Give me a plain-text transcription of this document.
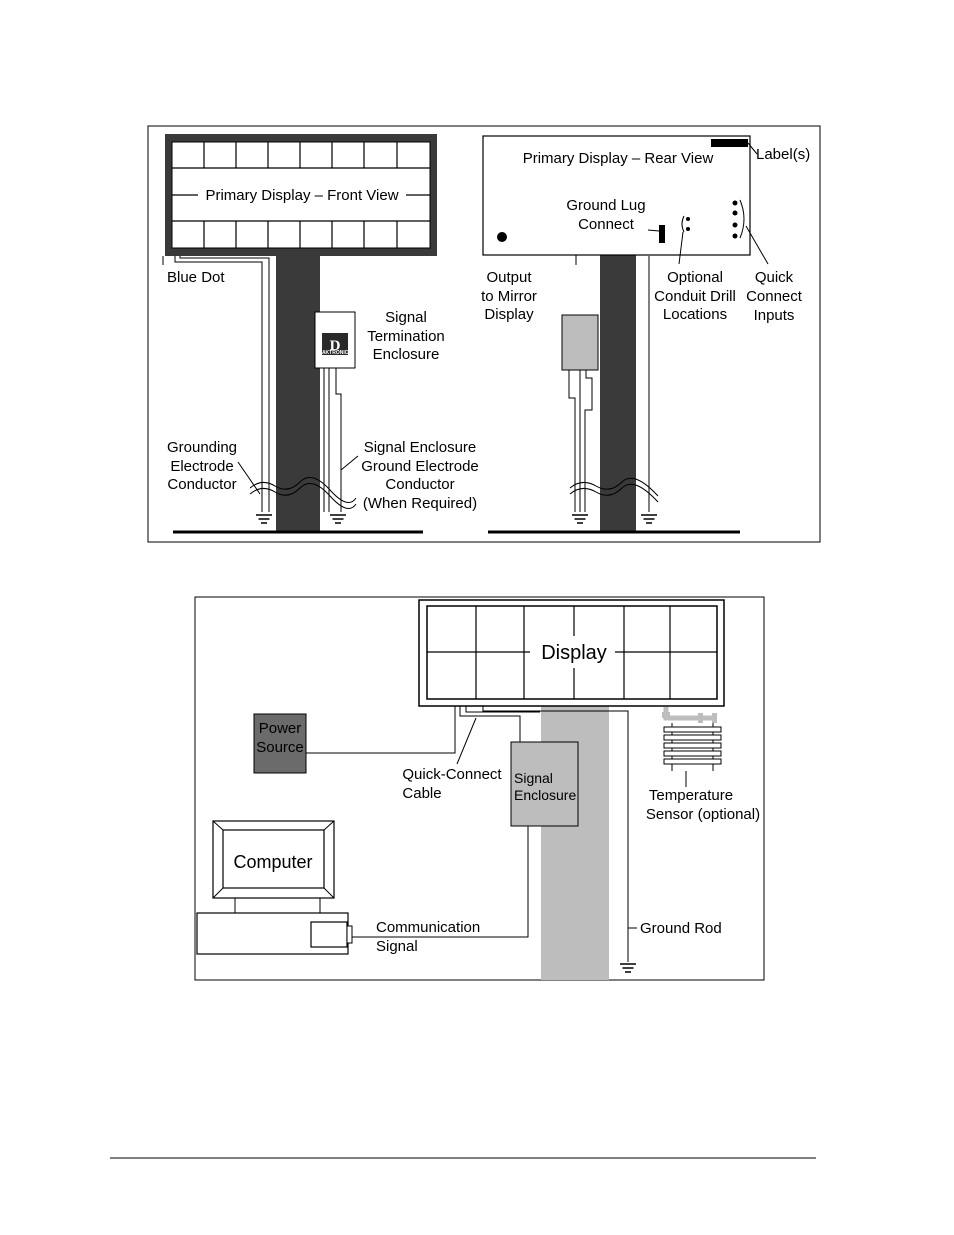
Primary Display – Front View
D
DAKTRONICS
Blue Dot
Signal
Termination
Enclosure
Grounding
Electrode
Conductor
Signal Enclosure
Ground Electrode
Conductor
(When Required)
Label(s)
Primary Display – Rear View
Ground Lug
Connect
Output
to Mirror
Display
Optional
Conduit Drill
Locations
Quick
Connect
Inputs
Display
Power
Source
Signal
Enclosure
Quick-Connect
Cable	Temperature
Sensor (optional)
Computer
Communication
Signal
Ground Rod
